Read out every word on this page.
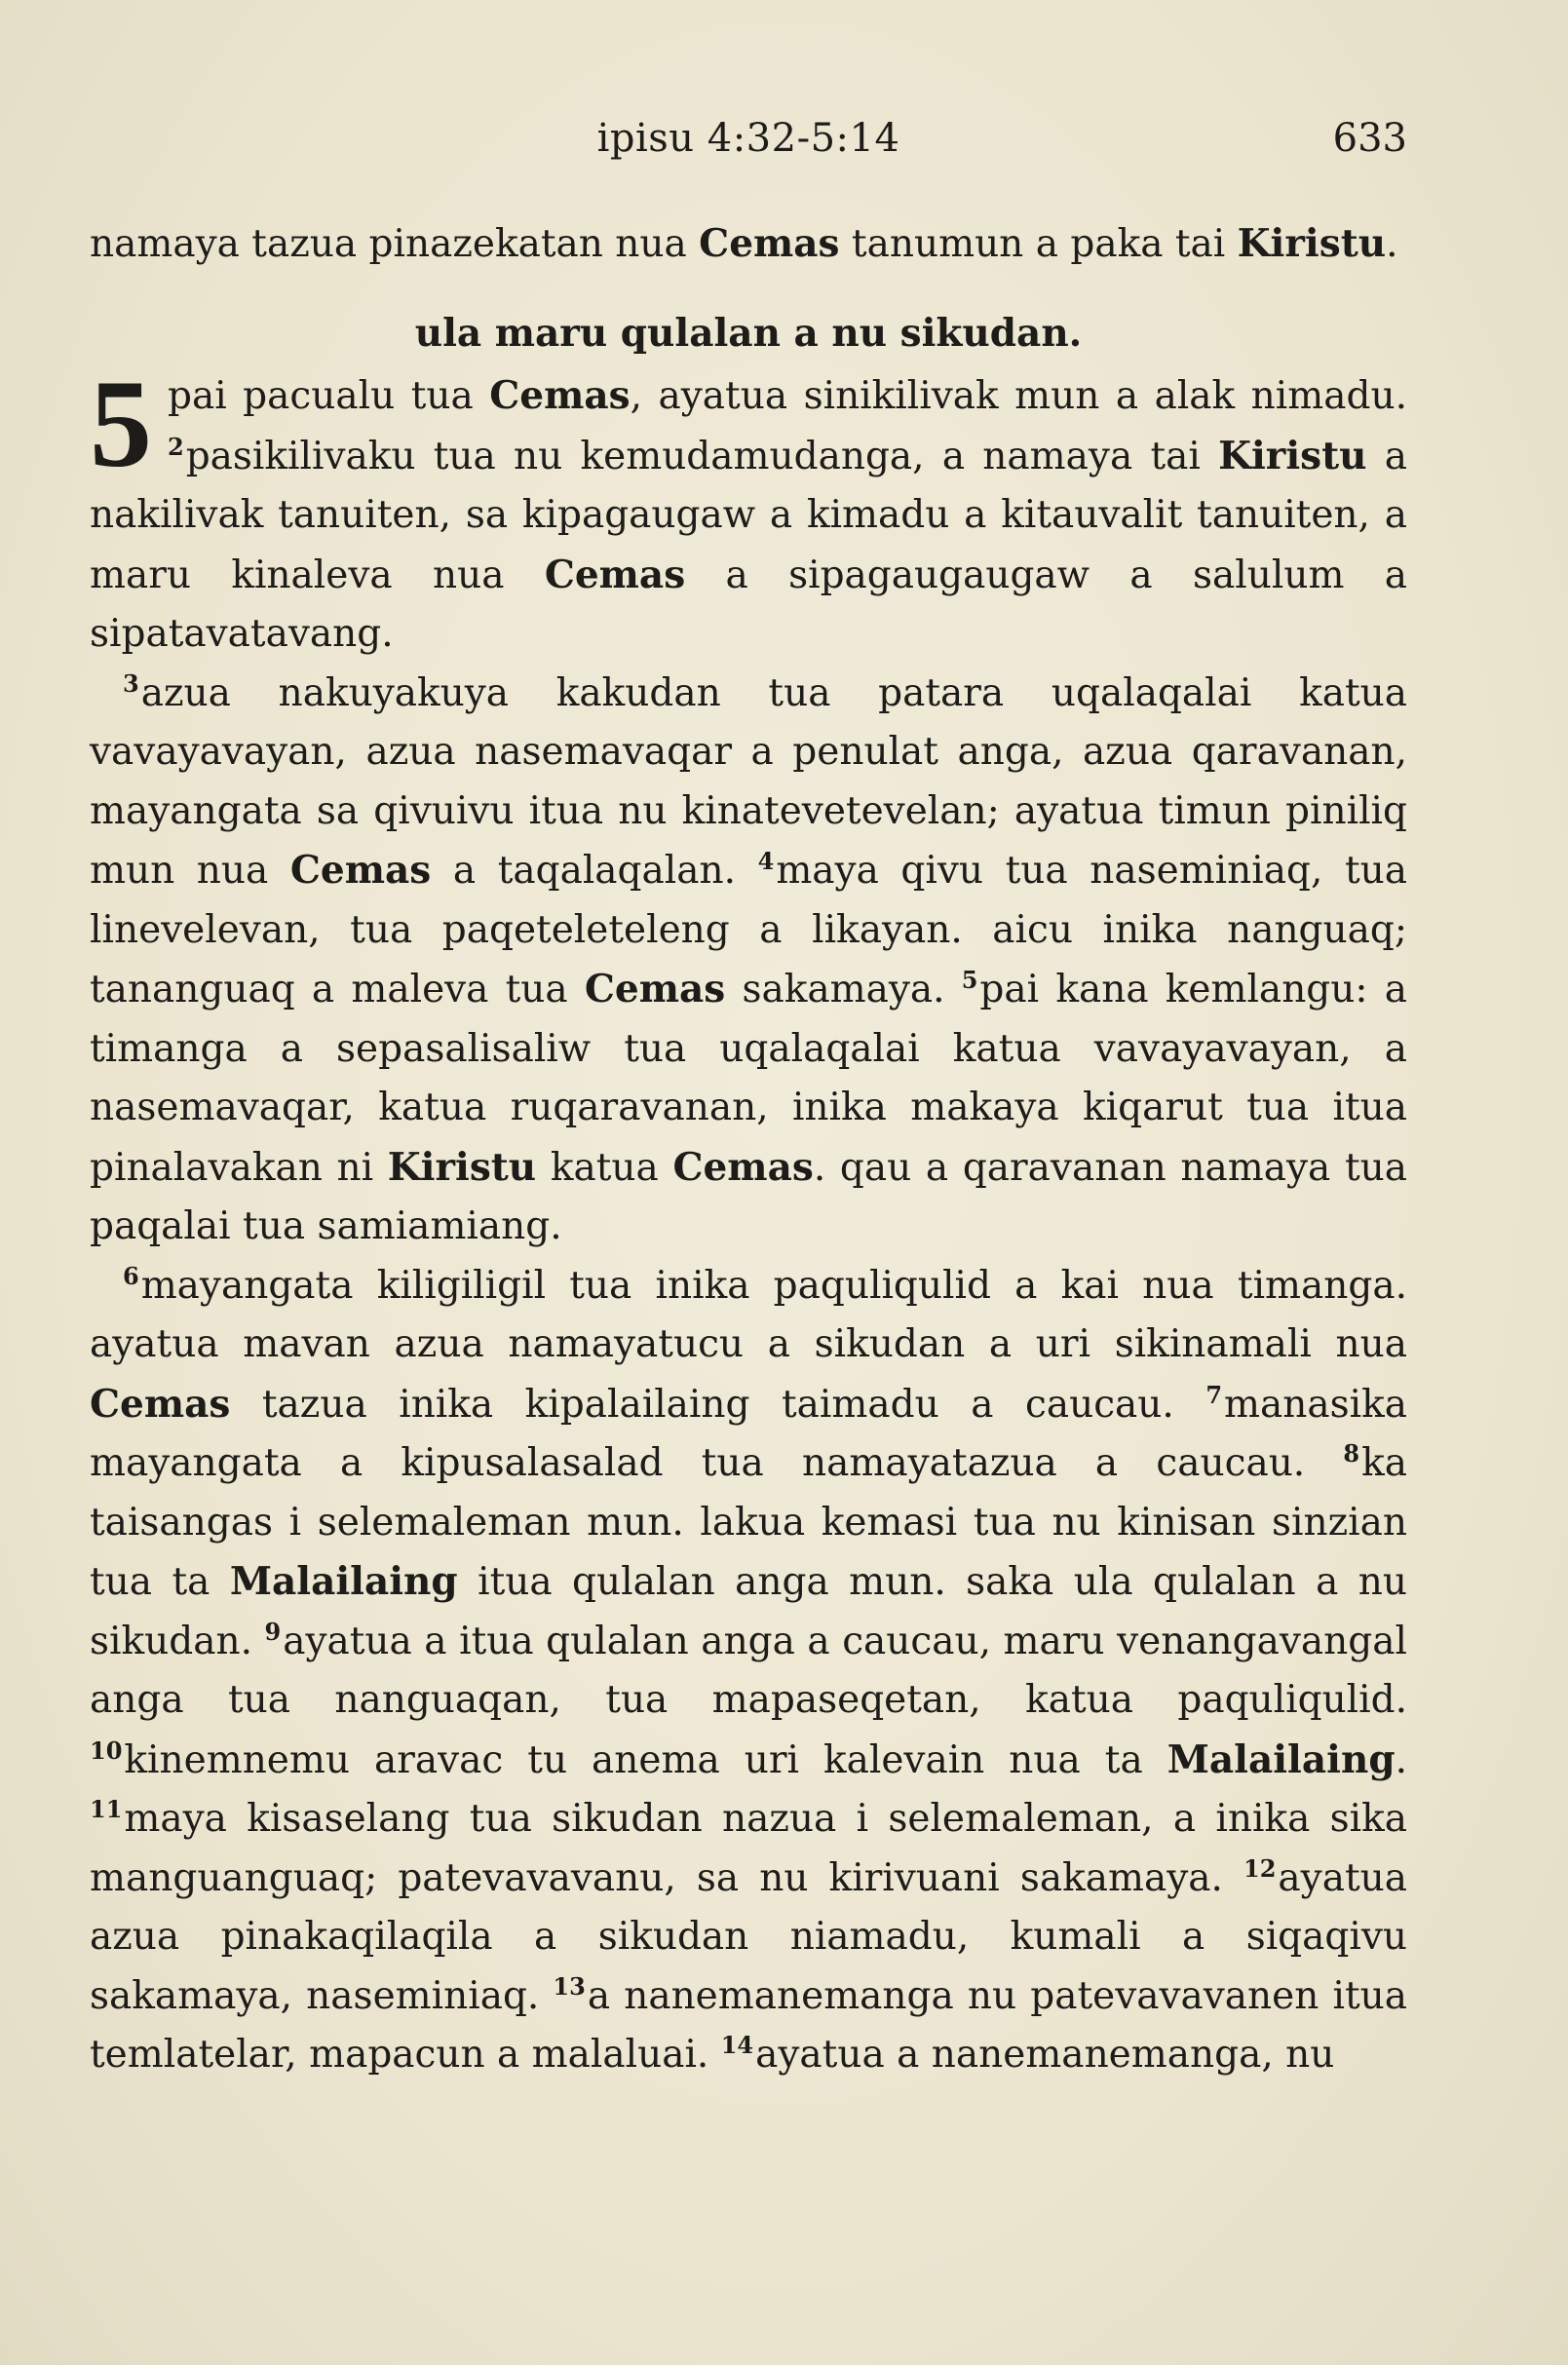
ipisu 4:32-5:14	633

namaya tazua pinazekatan nua Cemas tanumun a paka tai Kiristu.

ula maru qulalan a nu sikudan.

5 pai pacualu tua Cemas, ayatua sinikilivak mun a alak nimadu. $^2$pasikilivaku tua nu kemudamudanga, a namaya tai Kiristu a nakilivak tanuiten, sa kipagaugaw a kimadu a kitauvalit tanuiten, a maru kinaleva nua Cemas a sipagaugaugaw a salulum a sipatavatavang.

$^3$azua nakuyakuya kakudan tua patara uqalaqalai katua vavayavayan, azua nasemavaqar a penulat anga, azua qaravanan, mayangata sa qivuivu itua nu kinatevetevelan; ayatua timun piniliq mun nua Cemas a taqalaqalan. $^4$maya qivu tua naseminiaq, tua linevelevan, tua paqeteleteleng a likayan. aicu inika nanguaq; tananguaq a maleva tua Cemas sakamaya. $^5$pai kana kemlangu: a timanga a sepasalisaliw tua uqalaqalai katua vavayavayan, a nasemavaqar, katua ruqaravanan, inika makaya kiqarut tua itua pinalavakan ni Kiristu katua Cemas. qau a qaravanan namaya tua paqalai tua samiamiang.

$^6$mayangata kiligiligil tua inika paquliqulid a kai nua timanga. ayatua mavan azua namayatucu a sikudan a uri sikinamali nua Cemas tazua inika kipalailaing taimadu a caucau. $^7$manasika mayangata a kipusalasalad tua namayatazua a caucau. $^8$ka taisangas i selemaleman mun. lakua kemasi tua nu kinisan sinzian tua ta Malailaing itua qulalan anga mun. saka ula qulalan a nu sikudan. $^9$ayatua a itua qulalan anga a caucau, maru venangavangal anga tua nanguaqan, tua mapaseqetan, katua paquliqulid. $^{10}$kinemnemu aravac tu anema uri kalevain nua ta Malailaing. $^{11}$maya kisaselang tua sikudan nazua i selemaleman, a inika sika manguanguaq; patevavavanu, sa nu kirivuani sakamaya. $^{12}$ayatua azua pinakaqilaqila a sikudan niamadu, kumali a siqaqivu sakamaya, naseminiaq. $^{13}$a nanemanemanga nu patevavavanen itua temlatelar, mapacun a malaluai. $^{14}$ayatua a nanemanemanga, nu
